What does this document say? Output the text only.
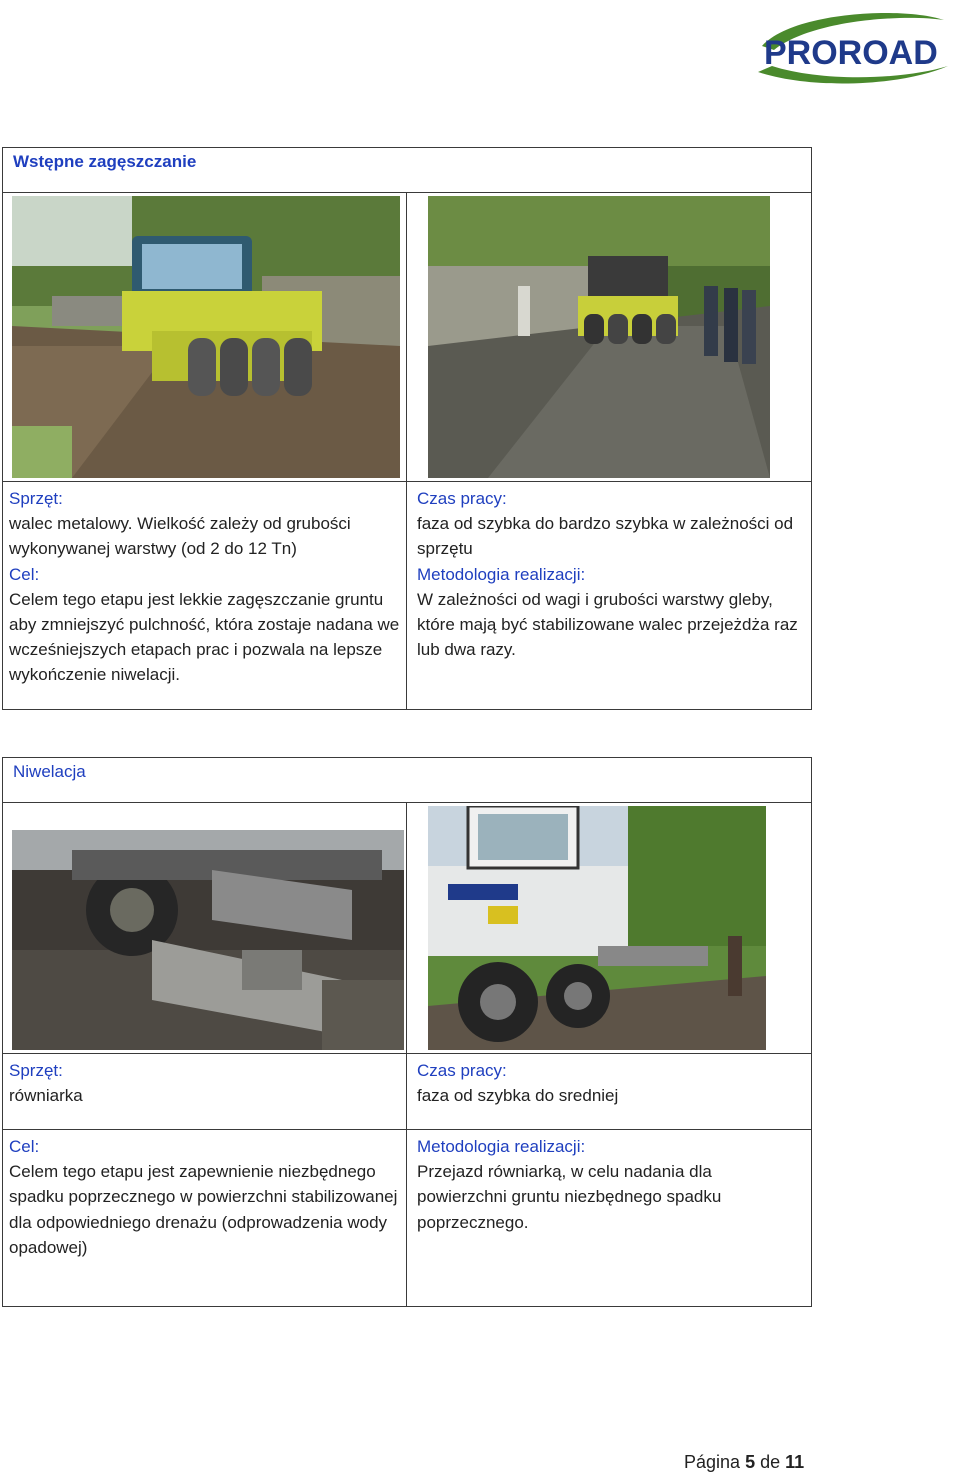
PROROAD
Wstępne zagęszczanie
Sprzęt:
walec metalowy. Wielkość zależy od grubości wykonywanej warstwy (od 2 do 12 Tn)
Cel:
Celem tego etapu jest lekkie zagęszczanie gruntu aby zmniejszyć pulchność, która zostaje nadana we wcześniejszych etapach prac i pozwala na lepsze wykończenie niwelacji.
Czas pracy:
faza od szybka do bardzo szybka w zależności od sprzętu
Metodologia realizacji:
W zależności od wagi i grubości warstwy gleby, które mają być stabilizowane walec przejeżdża raz lub dwa razy.
Niwelacja
Sprzęt:
równiarka
Czas pracy:
faza od szybka do sredniej
Cel:
Celem tego etapu jest zapewnienie niezbędnego spadku poprzecznego w powierzchni stabilizowanej dla odpowiedniego drenażu (odprowadzenia wody opadowej)
Metodologia realizacji:
Przejazd równiarką, w celu nadania dla powierzchni gruntu niezbędnego spadku poprzecznego.
Página 5 de 11
